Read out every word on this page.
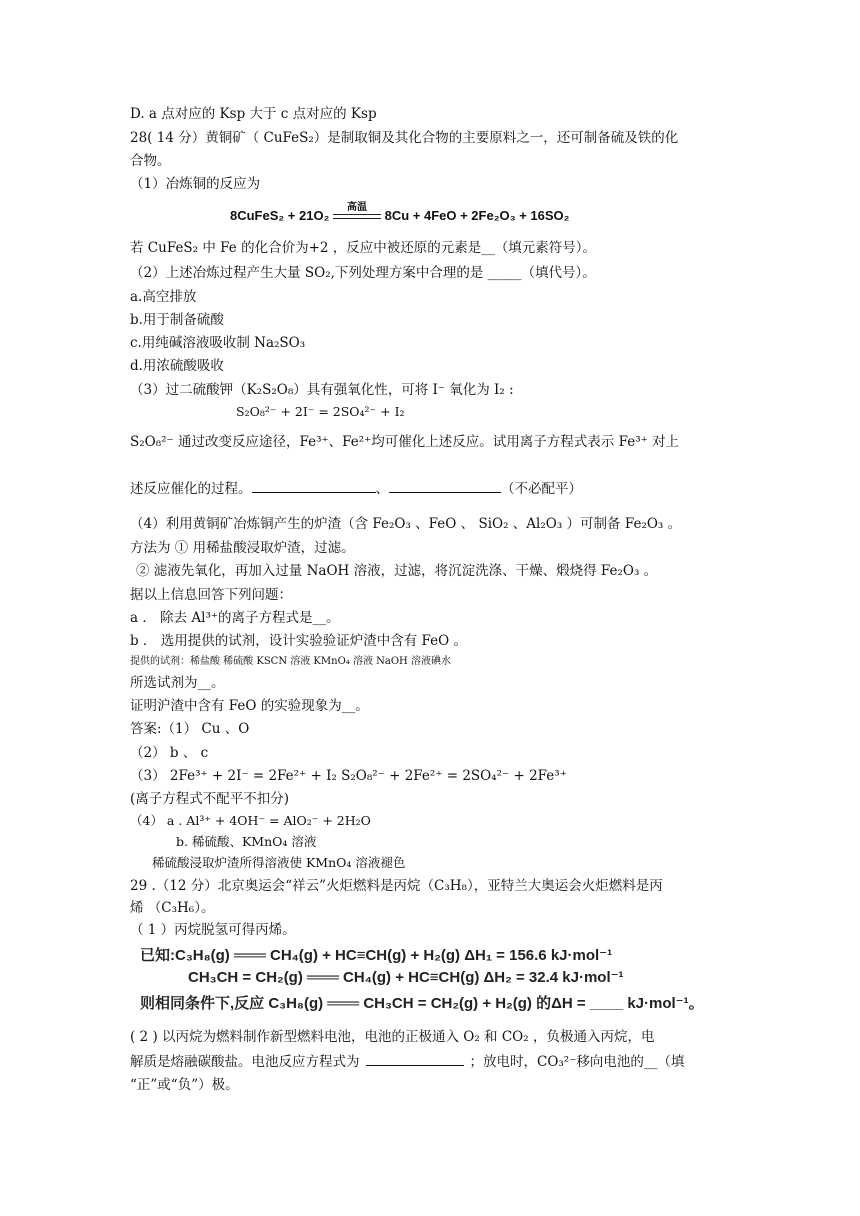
D. a 点对应的 Ksp 大于 c 点对应的 Ksp
28( 14 分）黄铜矿（ CuFeS₂）是制取铜及其化合物的主要原料之一，还可制备硫及铁的化
合物。
（1）冶炼铜的反应为
8CuFeS₂ + 21O₂
高温
8Cu + 4FeO + 2Fe₂O₃ + 16SO₂
若 CuFeS₂ 中 Fe 的化合价为+2 ，反应中被还原的元素是__（填元素符号）。
（2）上述冶炼过程产生大量 SO₂,下列处理方案中合理的是 _____（填代号）。
a.高空排放
b.用于制备硫酸
c.用纯碱溶液吸收制 Na₂SO₃
d.用浓硫酸吸收
（3）过二硫酸钾（K₂S₂O₈）具有强氧化性，可将 I⁻ 氧化为 I₂ :
S₂O₈²⁻ + 2I⁻ = 2SO₄²⁻ + I₂
S₂O₈²⁻ 通过改变反应途径，Fe³⁺、Fe²⁺均可催化上述反应。试用离子方程式表示 Fe³⁺ 对上
述反应催化的过程。	、	（不必配平）
（4）利用黄铜矿冶炼铜产生的炉渣（含 Fe₂O₃ 、FeO 、 SiO₂ 、Al₂O₃ ）可制备 Fe₂O₃ 。
方法为 ① 用稀盐酸浸取炉渣，过滤。
② 滤液先氧化，再加入过量 NaOH 溶液，过滤，将沉淀洗涤、干燥、煅烧得 Fe₂O₃ 。
据以上信息回答下列问题：
a ． 除去 Al³⁺的离子方程式是__。
b ． 选用提供的试剂，设计实验验证炉渣中含有 FeO 。
提供的试剂：稀盐酸 稀硫酸 KSCN 溶液 KMnO₄ 溶液 NaOH 溶液碘水
所选试剂为__。
证明沪渣中含有 FeO 的实验现象为__。
答案:（1） Cu 、O
（2） b 、 c
（3） 2Fe³⁺ + 2I⁻ = 2Fe²⁺ + I₂ S₂O₈²⁻ + 2Fe²⁺ = 2SO₄²⁻ + 2Fe³⁺
(离子方程式不配平不扣分)
（4） a . Al³⁺ + 4OH⁻ = AlO₂⁻ + 2H₂O
b. 稀硫酸、KMnO₄ 溶液
稀硫酸浸取炉渣所得溶液使 KMnO₄ 溶液褪色
29 .（12 分）北京奥运会“祥云”火炬燃料是丙烷（C₃H₈），亚特兰大奥运会火炬燃料是丙
烯 （C₃H₆）。
（ 1 ）丙烷脱氢可得丙烯。
已知:C₃H₈(g) ═══ CH₄(g) + HC≡CH(g) + H₂(g) ΔH₁ = 156.6 kJ·mol⁻¹
CH₃CH = CH₂(g) ═══ CH₄(g) + HC≡CH(g) ΔH₂ = 32.4 kJ·mol⁻¹
则相同条件下,反应 C₃H₈(g) ═══ CH₃CH = CH₂(g) + H₂(g) 的ΔH = ____ kJ·mol⁻¹。
( 2 ) 以丙烷为燃料制作新型燃料电池，电池的正极通入 O₂ 和 CO₂ ，负极通入丙烷，电
解质是熔融碳酸盐。电池反应方程式为	；放电时，CO₃²⁻移向电池的__（填
“正”或“负”）极。
